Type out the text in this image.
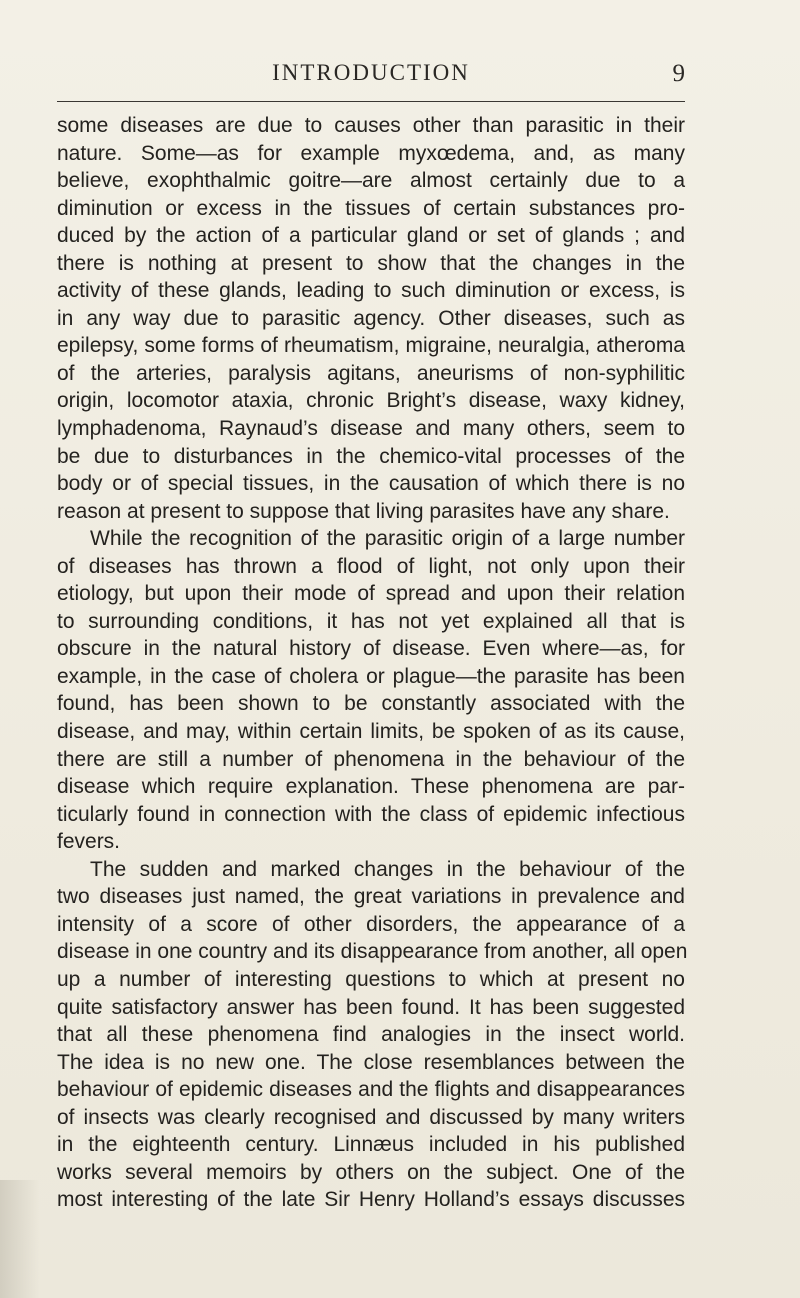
INTRODUCTION	9
some diseases are due to causes other than parasitic in their
nature. Some—as for example myxœdema, and, as many
believe, exophthalmic goitre—are almost certainly due to a
diminution or excess in the tissues of certain substances pro-
duced by the action of a particular gland or set of glands ; and
there is nothing at present to show that the changes in the
activity of these glands, leading to such diminution or excess, is
in any way due to parasitic agency. Other diseases, such as
epilepsy, some forms of rheumatism, migraine, neuralgia, atheroma
of the arteries, paralysis agitans, aneurisms of non-syphilitic
origin, locomotor ataxia, chronic Bright’s disease, waxy kidney,
lymphadenoma, Raynaud’s disease and many others, seem to
be due to disturbances in the chemico-vital processes of the
body or of special tissues, in the causation of which there is no
reason at present to suppose that living parasites have any share.
While the recognition of the parasitic origin of a large number
of diseases has thrown a flood of light, not only upon their
etiology, but upon their mode of spread and upon their relation
to surrounding conditions, it has not yet explained all that is
obscure in the natural history of disease. Even where—as, for
example, in the case of cholera or plague—the parasite has been
found, has been shown to be constantly associated with the
disease, and may, within certain limits, be spoken of as its cause,
there are still a number of phenomena in the behaviour of the
disease which require explanation. These phenomena are par-
ticularly found in connection with the class of epidemic infectious
fevers.
The sudden and marked changes in the behaviour of the
two diseases just named, the great variations in prevalence and
intensity of a score of other disorders, the appearance of a
disease in one country and its disappearance from another, all open
up a number of interesting questions to which at present no
quite satisfactory answer has been found. It has been suggested
that all these phenomena find analogies in the insect world.
The idea is no new one. The close resemblances between the
behaviour of epidemic diseases and the flights and disappearances
of insects was clearly recognised and discussed by many writers
in the eighteenth century. Linnæus included in his published
works several memoirs by others on the subject. One of the
most interesting of the late Sir Henry Holland’s essays discusses
